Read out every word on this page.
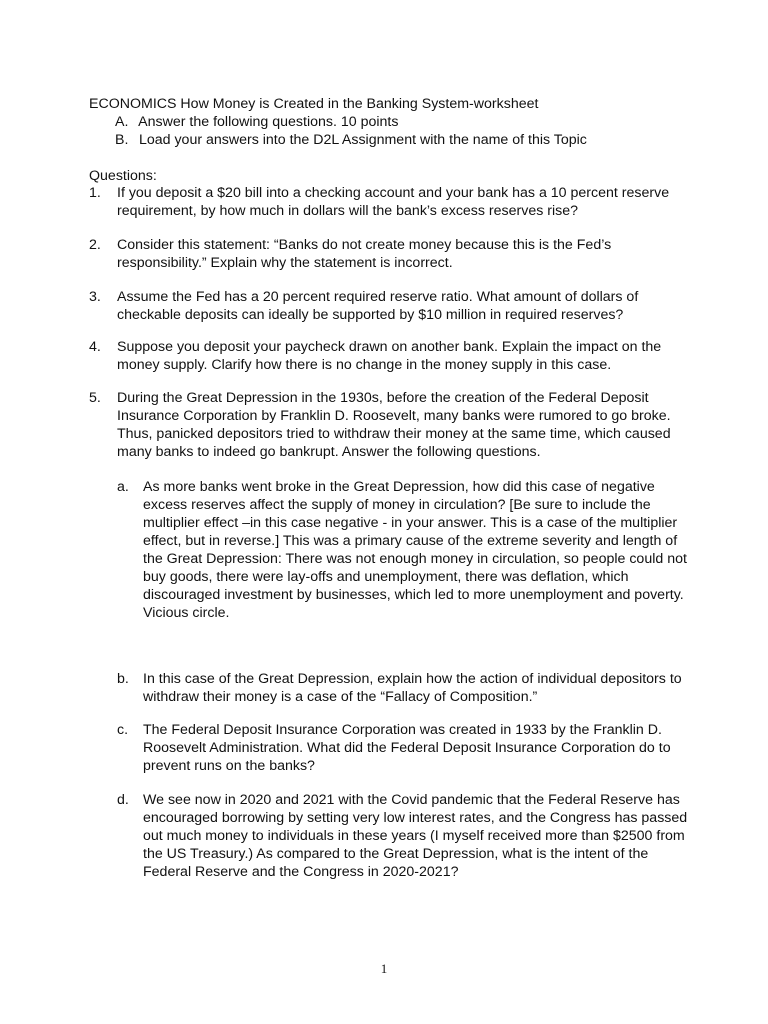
ECONOMICS How Money is Created in the Banking System-worksheet
A. Answer the following questions. 10 points
B. Load your answers into the D2L Assignment with the name of this Topic
Questions:
1. If you deposit a $20 bill into a checking account and your bank has a 10 percent reserve requirement, by how much in dollars will the bank’s excess reserves rise?
2. Consider this statement: “Banks do not create money because this is the Fed’s responsibility.” Explain why the statement is incorrect.
3. Assume the Fed has a 20 percent required reserve ratio. What amount of dollars of checkable deposits can ideally be supported by $10 million in required reserves?
4. Suppose you deposit your paycheck drawn on another bank. Explain the impact on the money supply. Clarify how there is no change in the money supply in this case.
5. During the Great Depression in the 1930s, before the creation of the Federal Deposit Insurance Corporation by Franklin D. Roosevelt, many banks were rumored to go broke. Thus, panicked depositors tried to withdraw their money at the same time, which caused many banks to indeed go bankrupt. Answer the following questions.
a. As more banks went broke in the Great Depression, how did this case of negative excess reserves affect the supply of money in circulation? [Be sure to include the multiplier effect –in this case negative - in your answer. This is a case of the multiplier effect, but in reverse.] This was a primary cause of the extreme severity and length of the Great Depression: There was not enough money in circulation, so people could not buy goods, there were lay-offs and unemployment, there was deflation, which discouraged investment by businesses, which led to more unemployment and poverty. Vicious circle.
b. In this case of the Great Depression, explain how the action of individual depositors to withdraw their money is a case of the “Fallacy of Composition.”
c. The Federal Deposit Insurance Corporation was created in 1933 by the Franklin D. Roosevelt Administration. What did the Federal Deposit Insurance Corporation do to prevent runs on the banks?
d. We see now in 2020 and 2021 with the Covid pandemic that the Federal Reserve has encouraged borrowing by setting very low interest rates, and the Congress has passed out much money to individuals in these years (I myself received more than $2500 from the US Treasury.) As compared to the Great Depression, what is the intent of the Federal Reserve and the Congress in 2020-2021?
1
